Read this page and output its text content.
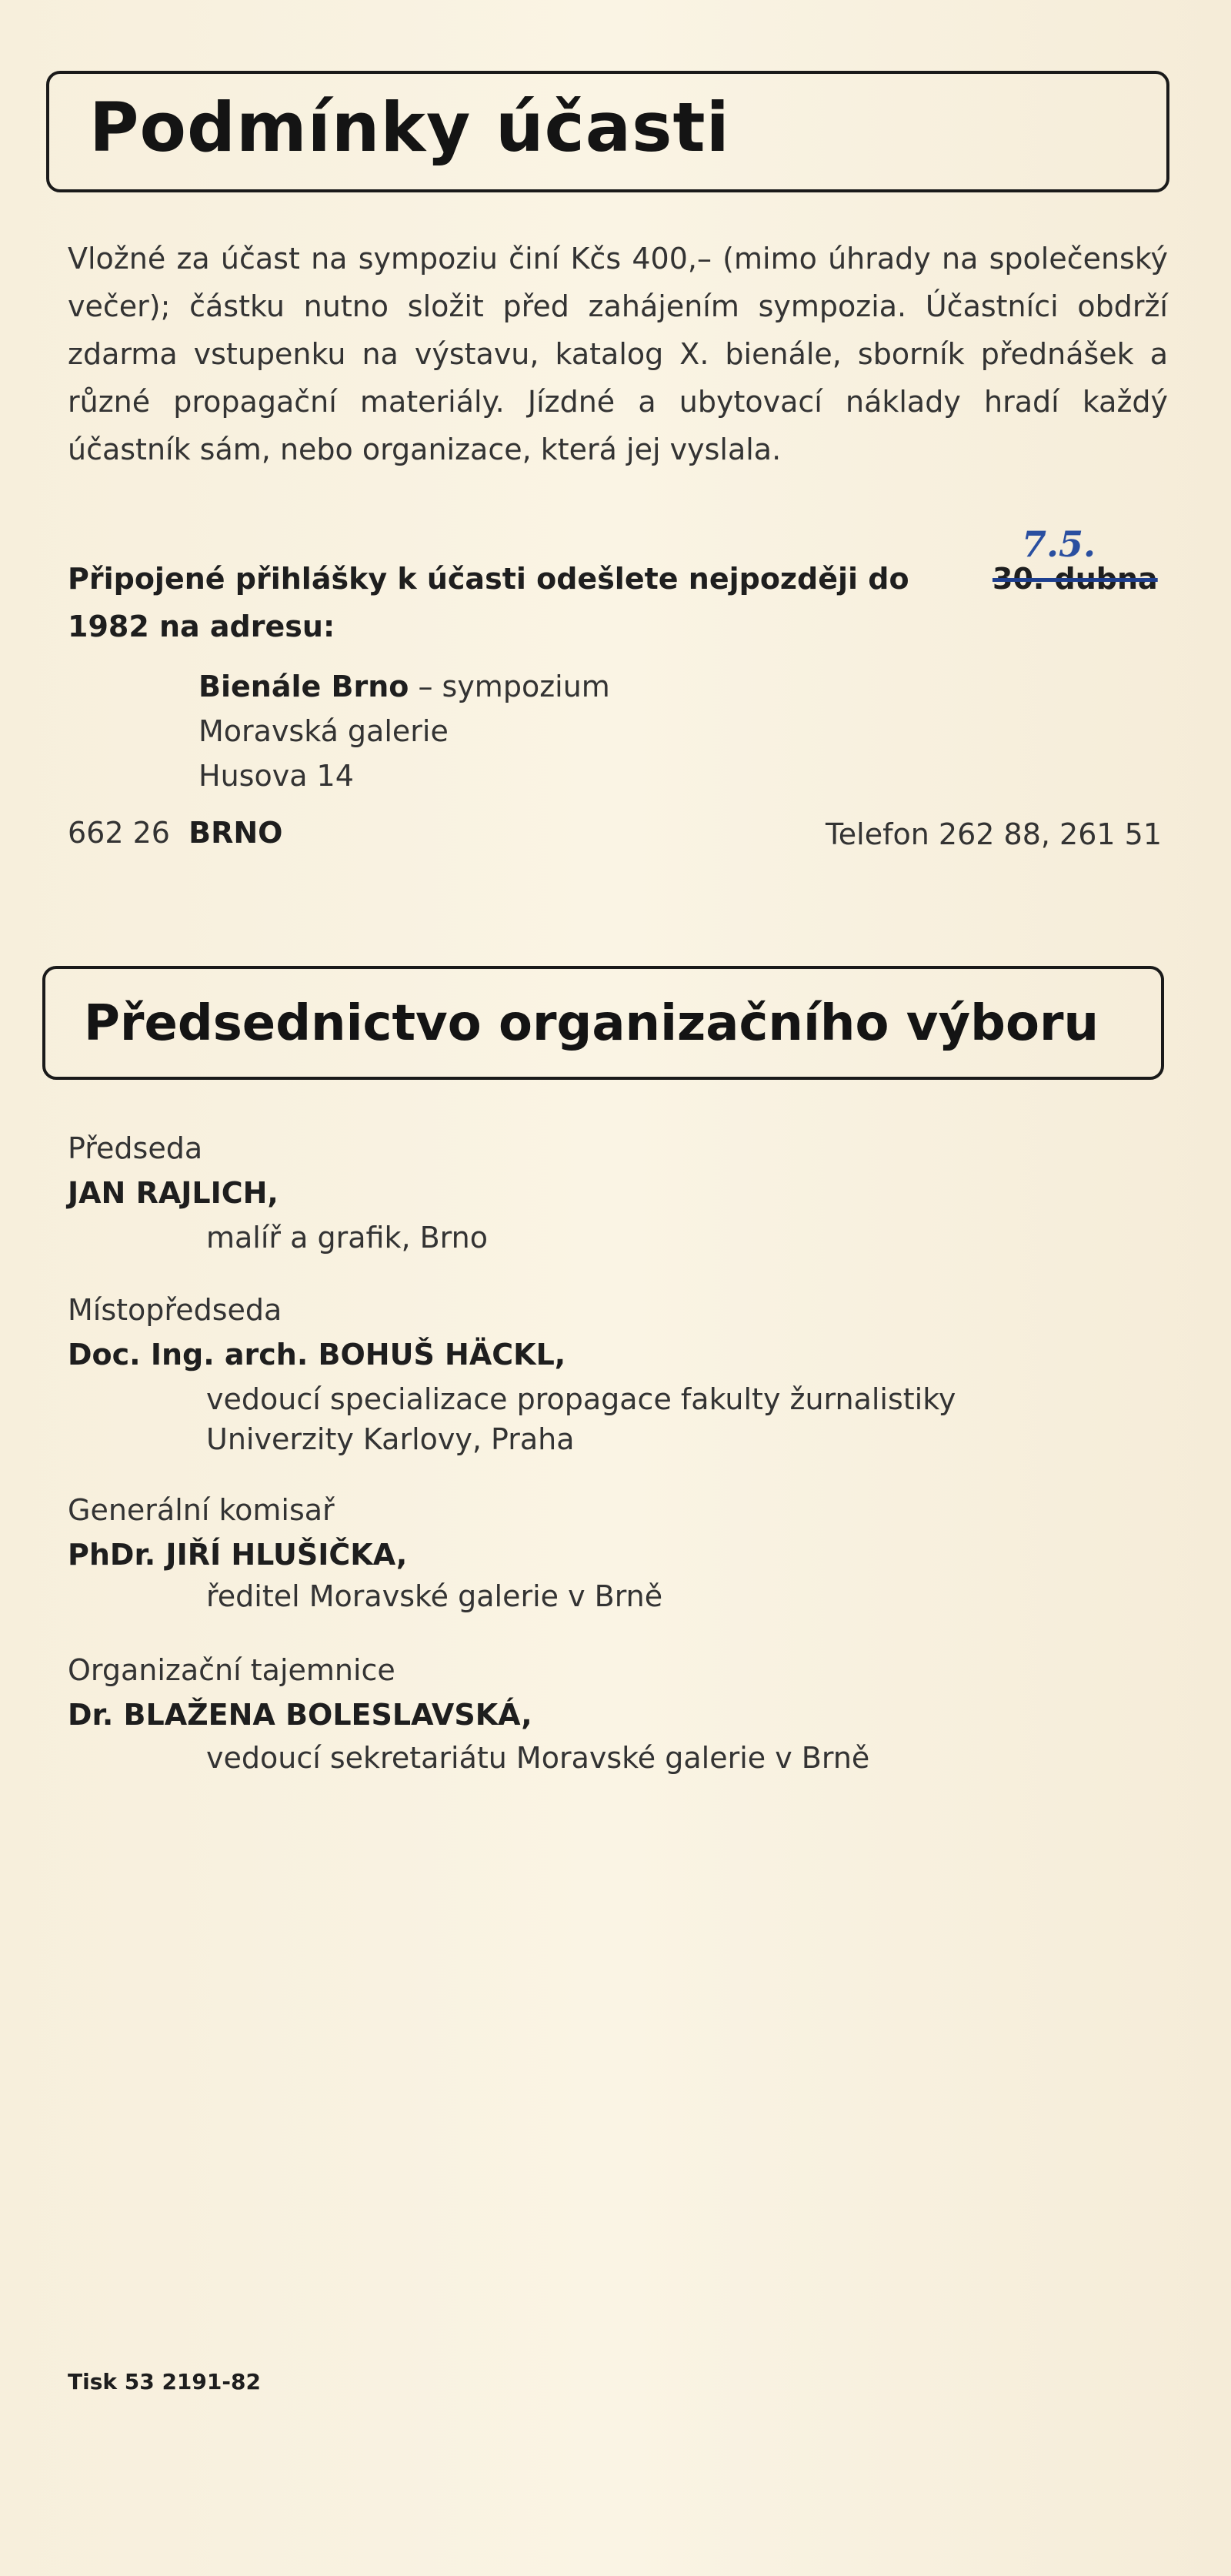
Podmínky účasti
Vložné za účast na sympoziu činí Kčs 400,– (mimo úhrady na společenský večer); částku nutno složit před zahájením sympozia. Účastníci obdrží zdarma vstupenku na výstavu, katalog X. bienále, sborník přednášek a různé propagační materiály. Jízdné a ubytovací náklady hradí každý účastník sám, nebo organizace, která jej vyslala.
Připojené přihlášky k účasti odešlete nejpozději do	30. dubna
7.5.
1982 na adresu:
Bienále Brno – sympozium
Moravská galerie
Husova 14
662 26 BRNO	Telefon 262 88, 261 51
Předsednictvo organizačního výboru
Předseda
JAN RAJLICH,
malíř a grafik, Brno
Místopředseda
Doc. Ing. arch. BOHUŠ HÄCKL,
vedoucí specializace propagace fakulty žurnalistiky
Univerzity Karlovy, Praha
Generální komisař
PhDr. JIŘÍ HLUŠIČKA,
ředitel Moravské galerie v Brně
Organizační tajemnice
Dr. BLAŽENA BOLESLAVSKÁ,
vedoucí sekretariátu Moravské galerie v Brně
Tisk 53 2191-82
